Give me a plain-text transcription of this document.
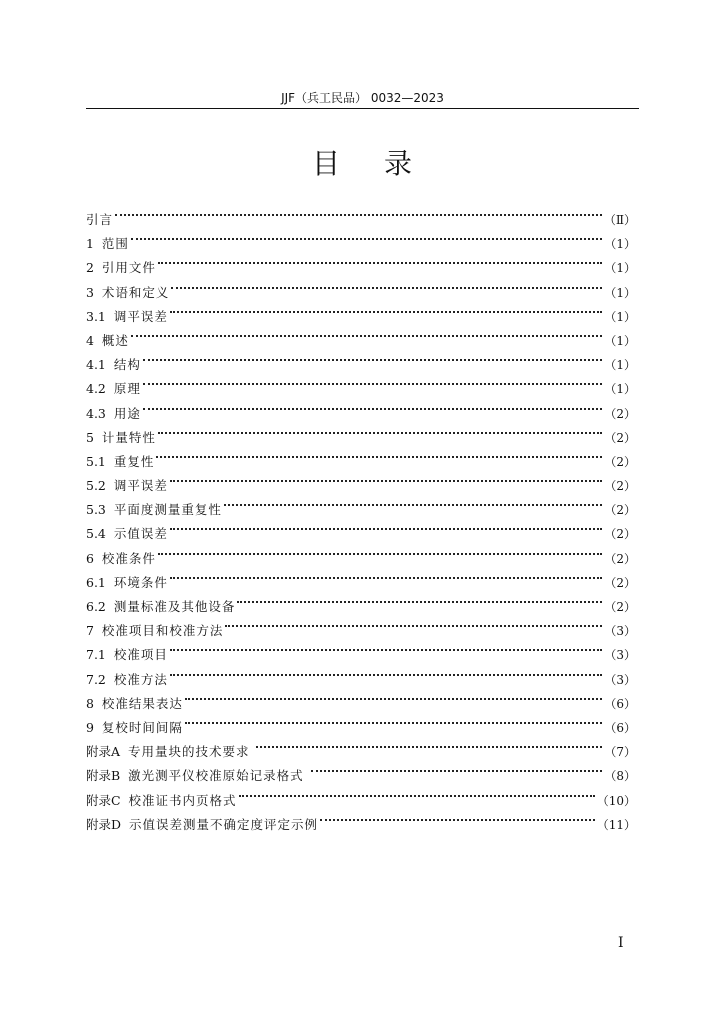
JJF（兵工民品） 0032—2023
目录
引言	（Ⅱ）
1 范围	（1）
2 引用文件	（1）
3 术语和定义	（1）
3.1 调平误差	（1）
4 概述	（1）
4.1 结构	（1）
4.2 原理	（1）
4.3 用途	（2）
5 计量特性	（2）
5.1 重复性	（2）
5.2 调平误差	（2）
5.3 平面度测量重复性	（2）
5.4 示值误差	（2）
6 校准条件	（2）
6.1 环境条件	（2）
6.2 测量标准及其他设备	（2）
7 校准项目和校准方法	（3）
7.1 校准项目	（3）
7.2 校准方法	（3）
8 校准结果表达	（6）
9 复校时间间隔	（6）
附录A 专用量块的技术要求	（7）
附录B 激光测平仪校准原始记录格式	（8）
附录C 校准证书内页格式	（10）
附录D 示值误差测量不确定度评定示例	（11）
I
